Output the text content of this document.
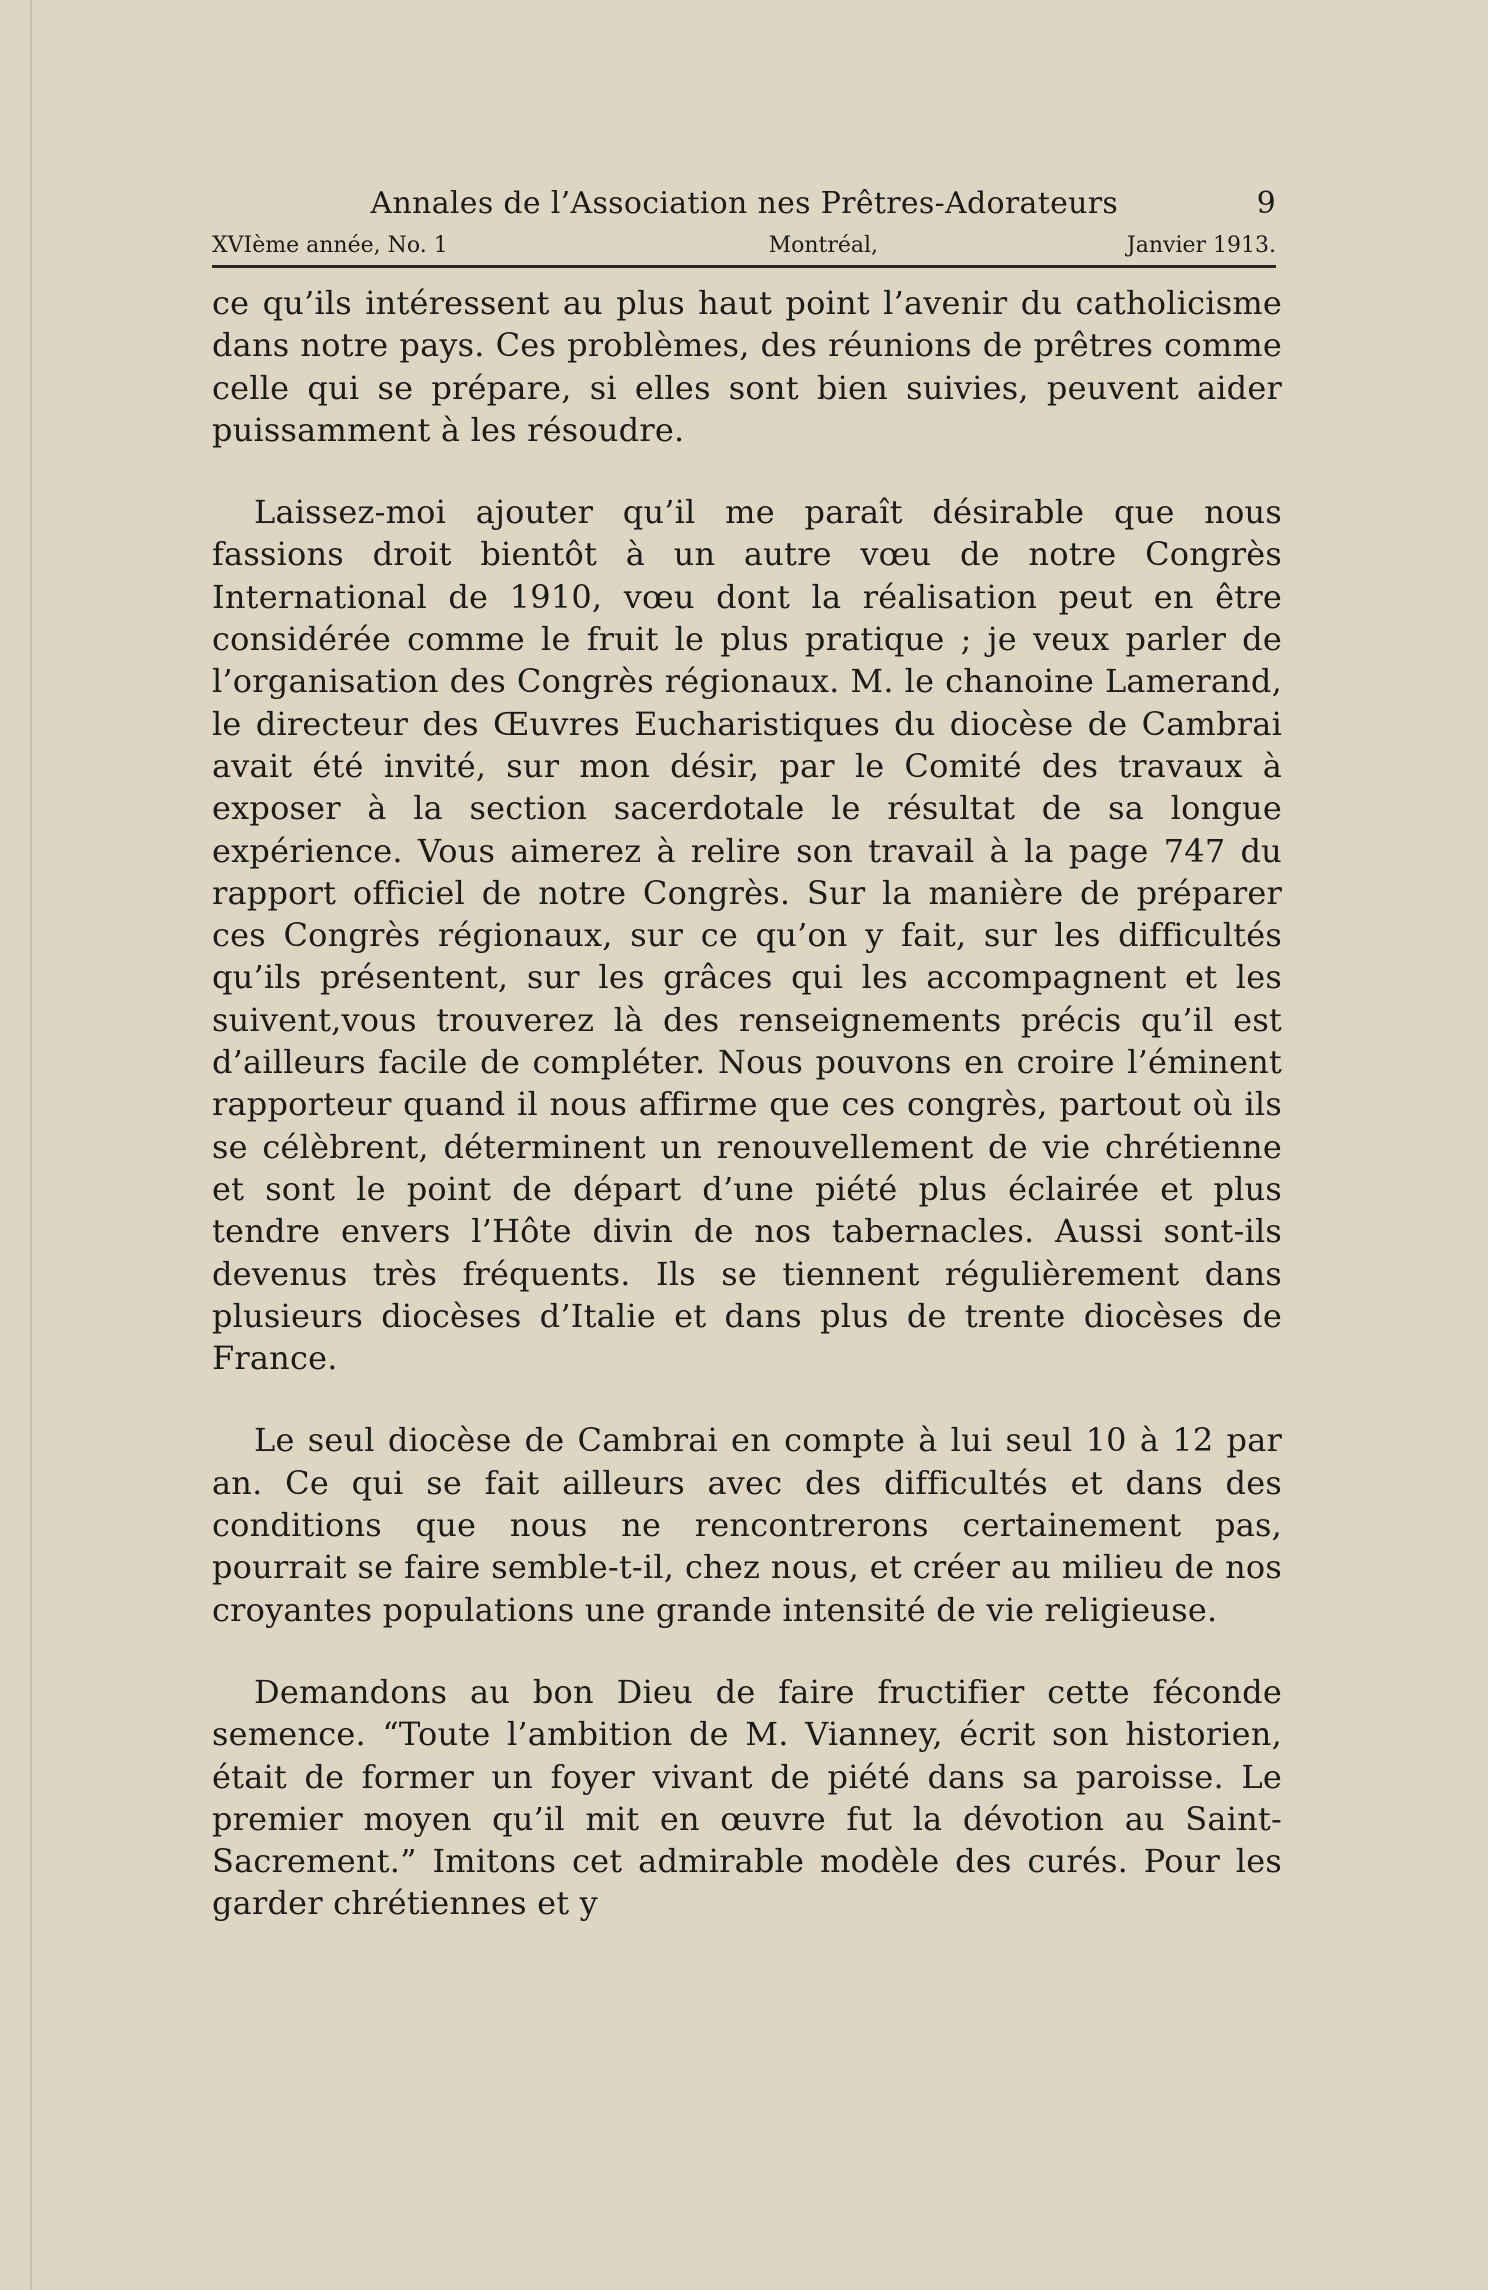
Annales de l’Association nes Prêtres-Adorateurs	9
XVIème année, No. 1	Montréal,	Janvier 1913.

ce qu’ils intéressent au plus haut point l’avenir du catholicisme dans notre pays. Ces problèmes, des réunions de prêtres comme celle qui se prépare, si elles sont bien suivies, peuvent aider puissamment à les résoudre.

Laissez-moi ajouter qu’il me paraît désirable que nous fassions droit bientôt à un autre vœu de notre Congrès International de 1910, vœu dont la réalisation peut en être considérée comme le fruit le plus pratique ; je veux parler de l’organisation des Congrès régionaux. M. le chanoine Lamerand, le directeur des Œuvres Eucharistiques du diocèse de Cambrai avait été invité, sur mon désir, par le Comité des travaux à exposer à la section sacerdotale le résultat de sa longue expérience. Vous aimerez à relire son travail à la page 747 du rapport officiel de notre Congrès. Sur la manière de préparer ces Congrès régionaux, sur ce qu’on y fait, sur les difficultés qu’ils présentent, sur les grâces qui les accompagnent et les suivent,vous trouverez là des renseignements précis qu’il est d’ailleurs facile de compléter. Nous pouvons en croire l’éminent rapporteur quand il nous affirme que ces congrès, partout où ils se célèbrent, déterminent un renouvellement de vie chrétienne et sont le point de départ d’une piété plus éclairée et plus tendre envers l’Hôte divin de nos tabernacles. Aussi sont-ils devenus très fréquents. Ils se tiennent régulièrement dans plusieurs diocèses d’Italie et dans plus de trente diocèses de France.

Le seul diocèse de Cambrai en compte à lui seul 10 à 12 par an. Ce qui se fait ailleurs avec des difficultés et dans des conditions que nous ne rencontrerons certainement pas, pourrait se faire semble-t-il, chez nous, et créer au milieu de nos croyantes populations une grande intensité de vie religieuse.

Demandons au bon Dieu de faire fructifier cette féconde semence. “Toute l’ambition de M. Vianney, écrit son historien, était de former un foyer vivant de piété dans sa paroisse. Le premier moyen qu’il mit en œuvre fut la dévotion au Saint-Sacrement.” Imitons cet admirable modèle des curés. Pour les garder chrétiennes et y
